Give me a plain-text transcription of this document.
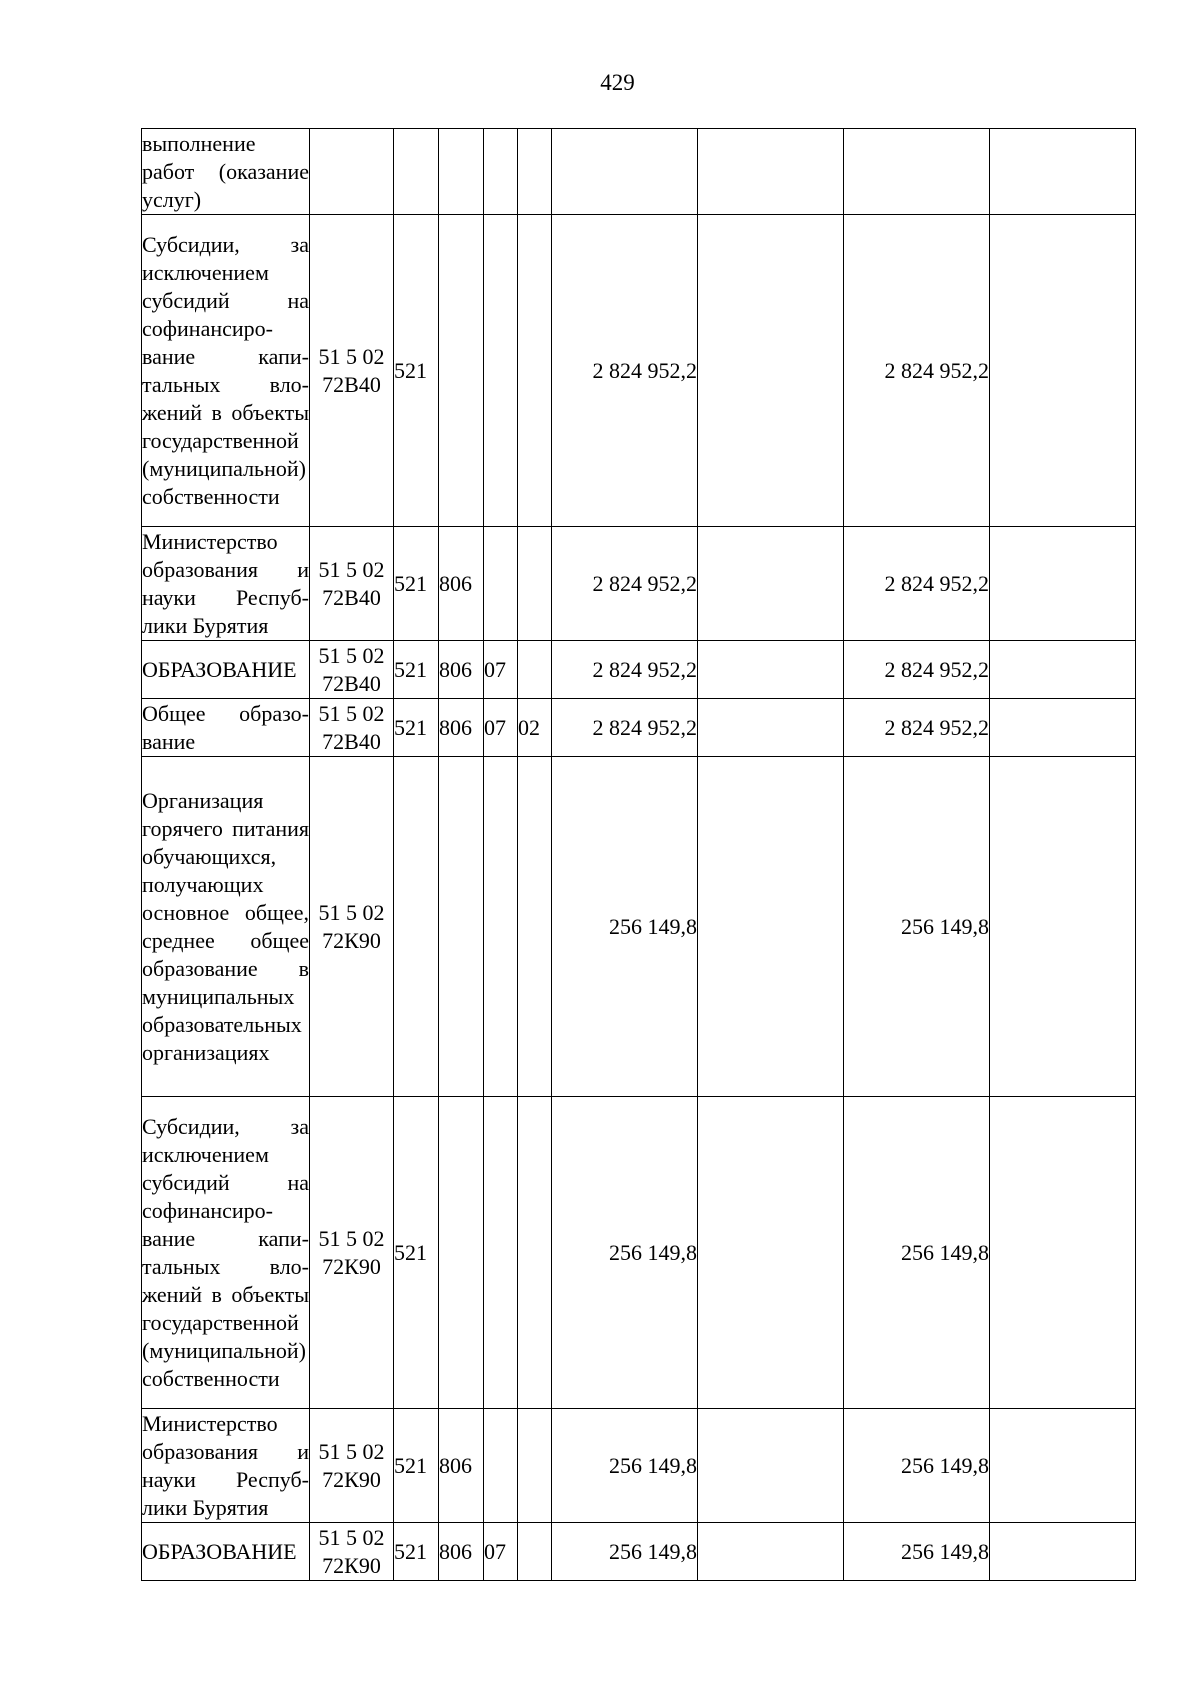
429
выполнение работ (оказание услуг)									
Субсидии, за исключением субсидий на софинансирование капитальных вложений в объекты государственной (муниципальной) собственности	51 5 02 72В40	521				2 824 952,2		2 824 952,2	
Министерство образования и науки Республики Бурятия	51 5 02 72В40	521	806			2 824 952,2		2 824 952,2	
ОБРАЗОВАНИЕ	51 5 02 72В40	521	806	07		2 824 952,2		2 824 952,2	
Общее образование	51 5 02 72В40	521	806	07	02	2 824 952,2		2 824 952,2	
Организация горячего питания обучающихся, получающих основное общее, среднее общее образование в муниципальных образовательных организациях	51 5 02 72К90					256 149,8		256 149,8	
Субсидии, за исключением субсидий на софинансирование капитальных вложений в объекты государственной (муниципальной) собственности	51 5 02 72К90	521				256 149,8		256 149,8	
Министерство образования и науки Республики Бурятия	51 5 02 72К90	521	806			256 149,8		256 149,8	
ОБРАЗОВАНИЕ	51 5 02 72К90	521	806	07		256 149,8		256 149,8	
